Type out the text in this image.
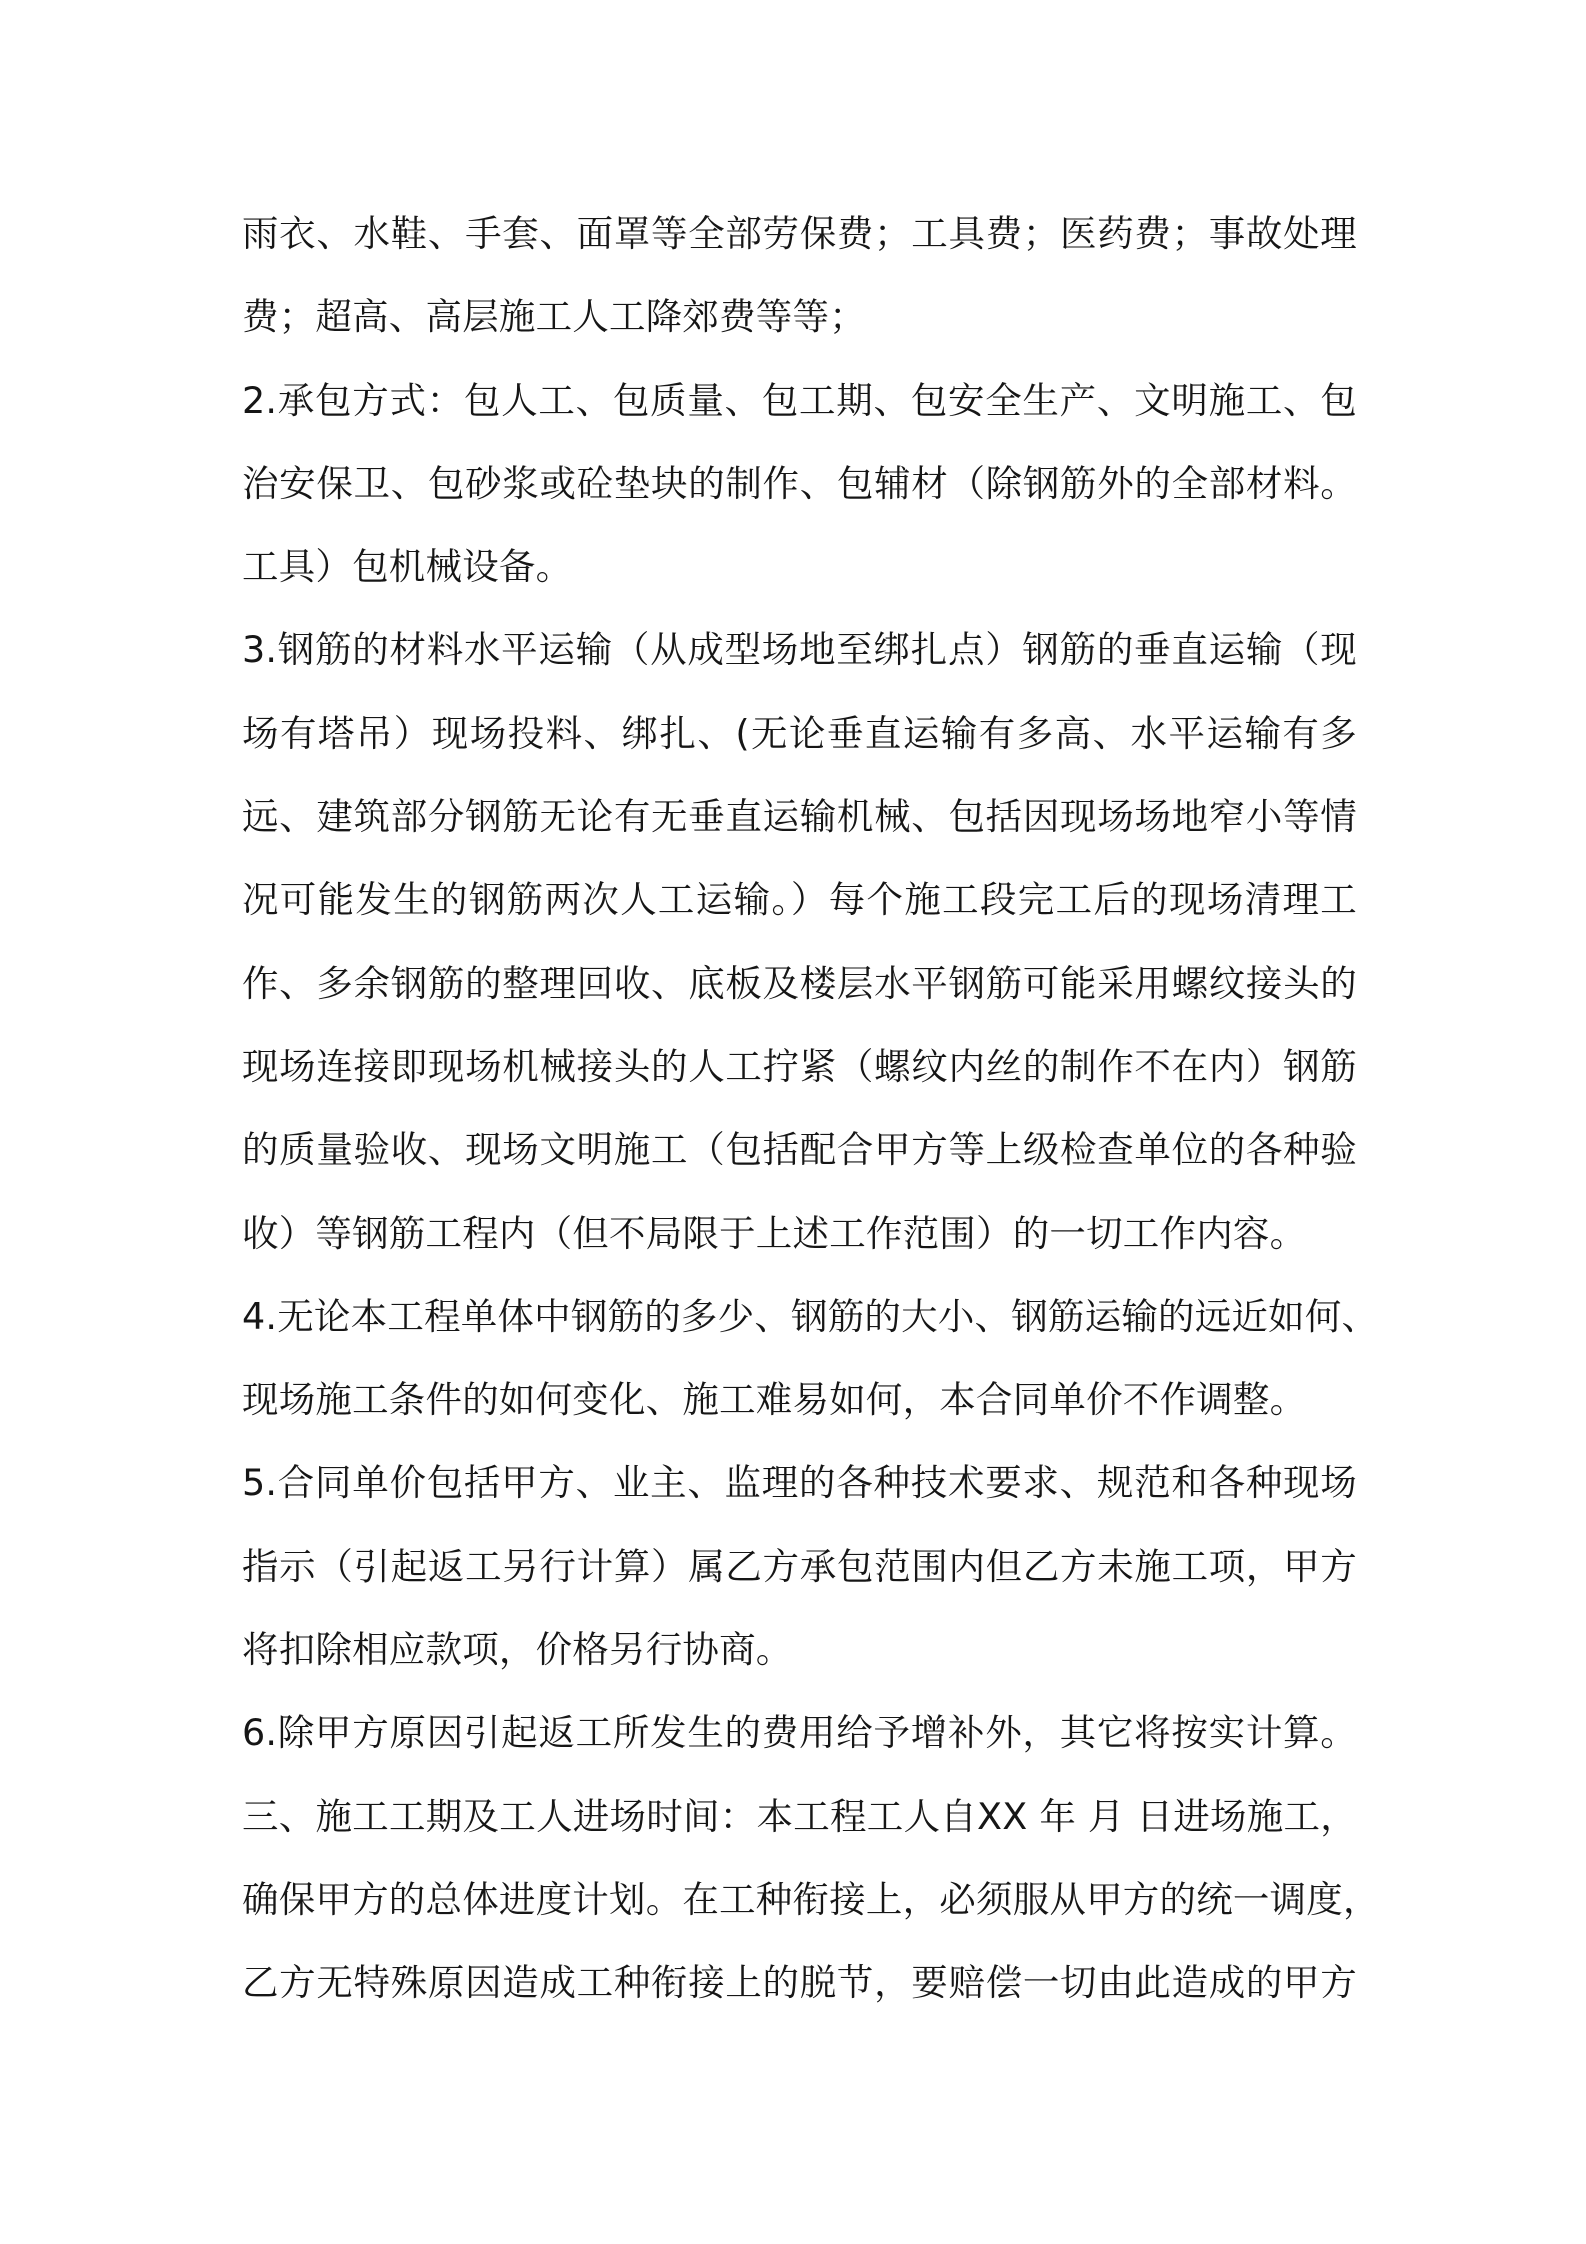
雨衣、水鞋、手套、面罩等全部劳保费；工具费；医药费；事故处理
费；超高、高层施工人工降郊费等等；
2.承包方式：包人工、包质量、包工期、包安全生产、文明施工、包
治安保卫、包砂浆或砼垫块的制作、包辅材（除钢筋外的全部材料。
工具）包机械设备。
3.钢筋的材料水平运输（从成型场地至绑扎点）钢筋的垂直运输（现
场有塔吊）现场投料、绑扎、(无论垂直运输有多高、水平运输有多
远、建筑部分钢筋无论有无垂直运输机械、包括因现场场地窄小等情
况可能发生的钢筋两次人工运输。）每个施工段完工后的现场清理工
作、多余钢筋的整理回收、底板及楼层水平钢筋可能采用螺纹接头的
现场连接即现场机械接头的人工拧紧（螺纹内丝的制作不在内）钢筋
的质量验收、现场文明施工（包括配合甲方等上级检查单位的各种验
收）等钢筋工程内（但不局限于上述工作范围）的一切工作内容。
4.无论本工程单体中钢筋的多少、钢筋的大小、钢筋运输的远近如何、
现场施工条件的如何变化、施工难易如何，本合同单价不作调整。
5.合同单价包括甲方、业主、监理的各种技术要求、规范和各种现场
指示（引起返工另行计算）属乙方承包范围内但乙方未施工项，甲方
将扣除相应款项，价格另行协商。
6.除甲方原因引起返工所发生的费用给予增补外，其它将按实计算。
三、施工工期及工人进场时间：本工程工人自XX 年 月 日进场施工，
确保甲方的总体进度计划。在工种衔接上，必须服从甲方的统一调度，
乙方无特殊原因造成工种衔接上的脱节，要赔偿一切由此造成的甲方
